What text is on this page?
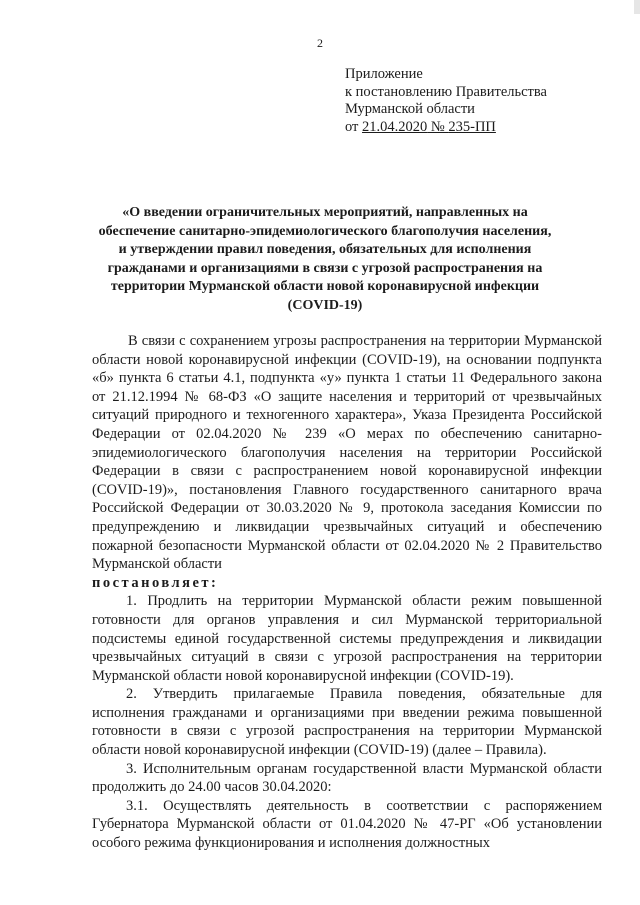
2
Приложение
к постановлению Правительства
Мурманской области
от 21.04.2020 № 235-ПП
«О введении ограничительных мероприятий, направленных на обеспечение санитарно-эпидемиологического благополучия населения, и утверждении правил поведения, обязательных для исполнения гражданами и организациями в связи с угрозой распространения на территории Мурманской области новой коронавирусной инфекции (COVID-19)

В связи с сохранением угрозы распространения на территории Мурманской области новой коронавирусной инфекции (COVID-19), на основании подпункта «б» пункта 6 статьи 4.1, подпункта «у» пункта 1 статьи 11 Федерального закона от 21.12.1994 № 68-ФЗ «О защите населения и территорий от чрезвычайных ситуаций природного и техногенного характера», Указа Президента Российской Федерации от 02.04.2020 № 239 «О мерах по обеспечению санитарно-эпидемиологического благополучия населения на территории Российской Федерации в связи с распространением новой коронавирусной инфекции (COVID-19)», постановления Главного государственного санитарного врача Российской Федерации от 30.03.2020 № 9, протокола заседания Комиссии по предупреждению и ликвидации чрезвычайных ситуаций и обеспечению пожарной безопасности Мурманской области от 02.04.2020 № 2 Правительство Мурманской области

постановляет:

1. Продлить на территории Мурманской области режим повышенной готовности для органов управления и сил Мурманской территориальной подсистемы единой государственной системы предупреждения и ликвидации чрезвычайных ситуаций в связи с угрозой распространения на территории Мурманской области новой коронавирусной инфекции (COVID-19).

2. Утвердить прилагаемые Правила поведения, обязательные для исполнения гражданами и организациями при введении режима повышенной готовности в связи с угрозой распространения на территории Мурманской области новой коронавирусной инфекции (COVID-19) (далее – Правила).

3. Исполнительным органам государственной власти Мурманской области продолжить до 24.00 часов 30.04.2020:

3.1. Осуществлять деятельность в соответствии с распоряжением Губернатора Мурманской области от 01.04.2020 № 47-РГ «Об установлении особого режима функционирования и исполнения должностных
